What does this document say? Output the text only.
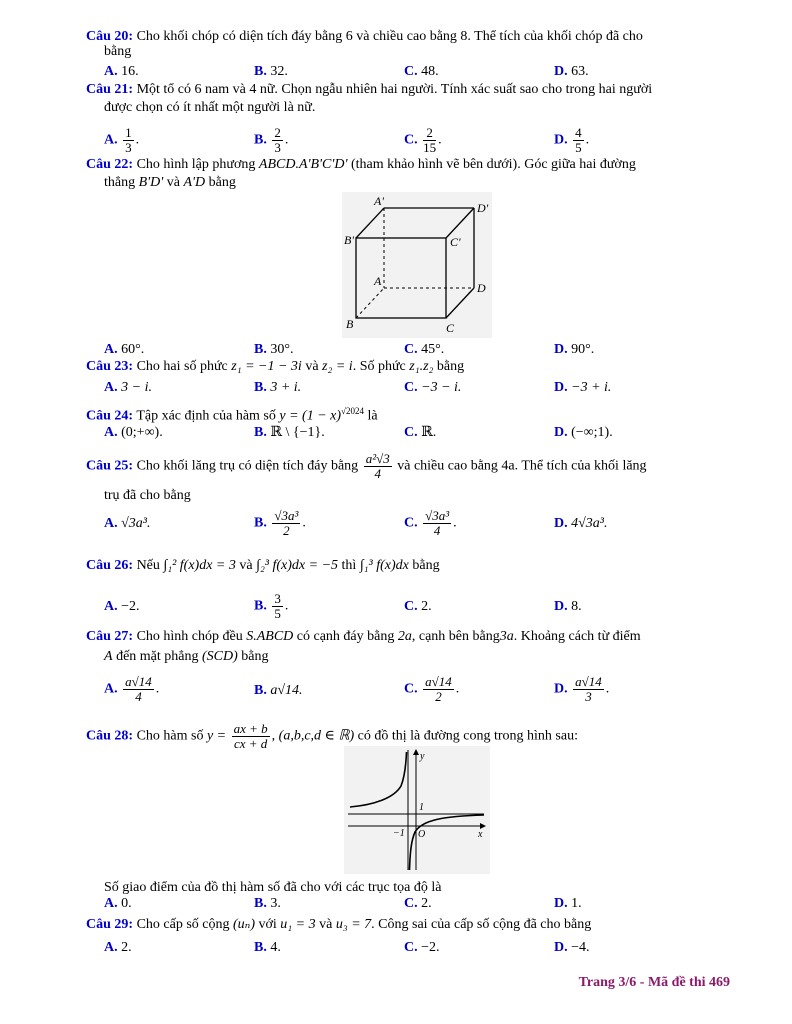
Câu 20: Cho khối chóp có diện tích đáy bằng 6 và chiều cao bằng 8. Thể tích của khối chóp đã cho
bằng
A. 16.	B. 32.	C. 48.	D. 63.
Câu 21: Một tổ có 6 nam và 4 nữ. Chọn ngẫu nhiên hai người. Tính xác suất sao cho trong hai người
được chọn có ít nhất một người là nữ.
A. $\frac{1}{3}$ .	B. $\frac{2}{3}$ .	C. $\frac{2}{15}$ .	D. $\frac{4}{5}$ .
Câu 22: Cho hình lập phương ABCD.A'B'C'D' (tham khảo hình vẽ bên dưới). Góc giữa hai đường
thẳng B'D' và A'D bằng
A'	D'
B'	C'
A	D
B	C
A. 60°.	B. 30°.	C. 45°.	D. 90°.
Câu 23: Cho hai số phức z₁ = −1 − 3i và z₂ = i. Số phức z₁.z₂ bằng
A. 3 − i.	B. 3 + i.	C. −3 − i.	D. −3 + i.
Câu 24: Tập xác định của hàm số $y = (1 - x)^{√2024}$ là
A. (0;+∞).	B. ℝ \ {−1}.	C. ℝ.	D. (−∞;1).
Câu 25: Cho khối lăng trụ có diện tích đáy bằng $\frac{\text{a²√3}}{4}$ và chiều cao bằng 4a. Thể tích của khối lăng
trụ đã cho bằng
A. √3a³.	B. $\frac{\text{√3a³}}{2}$ .	C. $\frac{\text{√3a³}}{4}$ .	D. 4√3a³.
Câu 26: Nếu ∫₁² f(x)dx = 3 và ∫₂³ f(x)dx = −5 thì ∫₁³ f(x)dx bằng
A. −2.	B. $\frac{3}{5}$ .	C. 2.	D. 8.
Câu 27: Cho hình chóp đều S.ABCD có cạnh đáy bằng 2a, cạnh bên bằng3a. Khoảng cách từ điểm
A đến mặt phẳng (SCD) bằng
A. $\frac{a√14}{4}$ .	B. a√14.	C. $\frac{a√14}{2}$ .	D. $\frac{a√14}{3}$ .
Câu 28: Cho hàm số $y = \frac{ax + b}{cx + d}$ , (a,b,c,d ∈ ℝ) có đồ thị là đường cong trong hình sau:
y
x
1
−1 O
Số giao điểm của đồ thị hàm số đã cho với các trục tọa độ là
A. 0.	B. 3.	C. 2.	D. 1.
Câu 29: Cho cấp số cộng (uₙ) với u₁ = 3 và u₃ = 7. Công sai của cấp số cộng đã cho bằng
A. 2.	B. 4.	C. −2.	D. −4.
Trang 3/6 - Mã đề thi 469
